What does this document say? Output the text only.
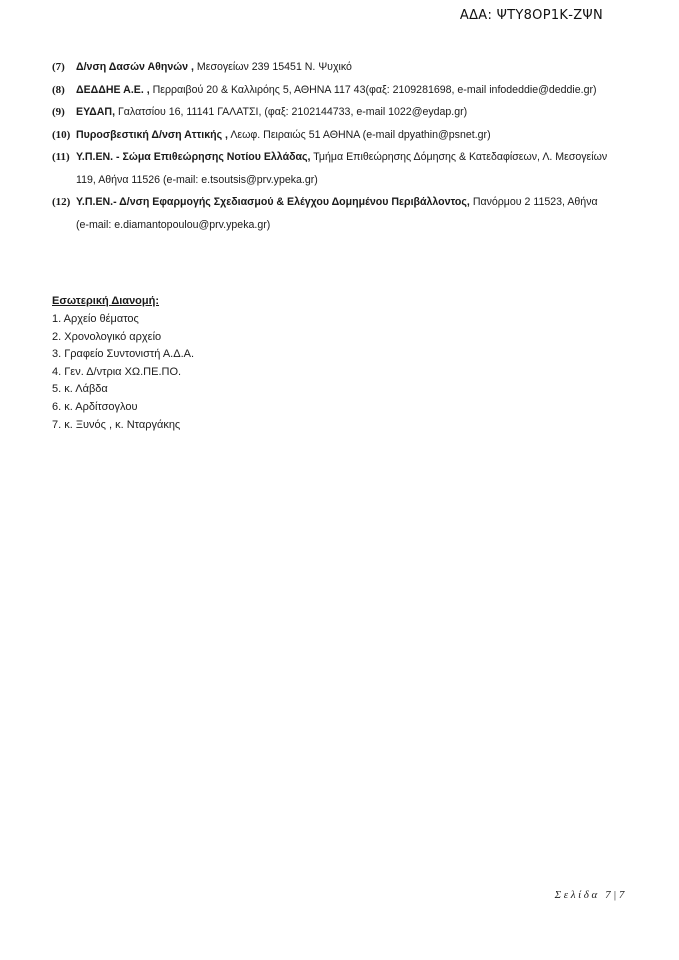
ΑΔΑ: ΨΤΥ8ΟΡ1Κ-ΖΨΝ
(7) Δ/νση Δασών Αθηνών , Μεσογείων 239 15451 Ν. Ψυχικό
(8) ΔΕΔΔΗΕ Α.Ε. , Περραιβού 20 & Καλλιρόης 5, ΑΘΗΝΑ 117 43(φαξ: 2109281698, e-mail infodeddie@deddie.gr)
(9) ΕΥΔΑΠ, Γαλατσίου 16, 11141 ΓΑΛΑΤΣΙ, (φαξ: 2102144733, e-mail 1022@eydap.gr)
(10) Πυροσβεστική Δ/νση Αττικής , Λεωφ. Πειραιώς 51 ΑΘΗΝΑ (e-mail dpyathin@psnet.gr)
(11) Υ.Π.ΕΝ. - Σώμα Επιθεώρησης Νοτίου Ελλάδας, Τμήμα Επιθεώρησης Δόμησης & Κατεδαφίσεων, Λ. Μεσογείων
119, Αθήνα 11526 (e-mail: e.tsoutsis@prv.ypeka.gr)
(12) Υ.Π.ΕΝ.- Δ/νση Εφαρμογής Σχεδιασμού & Ελέγχου Δομημένου Περιβάλλοντος, Πανόρμου 2 11523, Αθήνα
(e-mail: e.diamantopoulou@prv.ypeka.gr)
Εσωτερική Διανομή:
1. Αρχείο θέματος
2. Χρονολογικό αρχείο
3. Γραφείο Συντονιστή Α.Δ.Α.
4. Γεν. Δ/ντρια ΧΩ.ΠΕ.ΠΟ.
5. κ. Λάβδα
6. κ. Αρδίτσογλου
7. κ. Ξυνός , κ. Νταργάκης
Σελίδα 7|7
